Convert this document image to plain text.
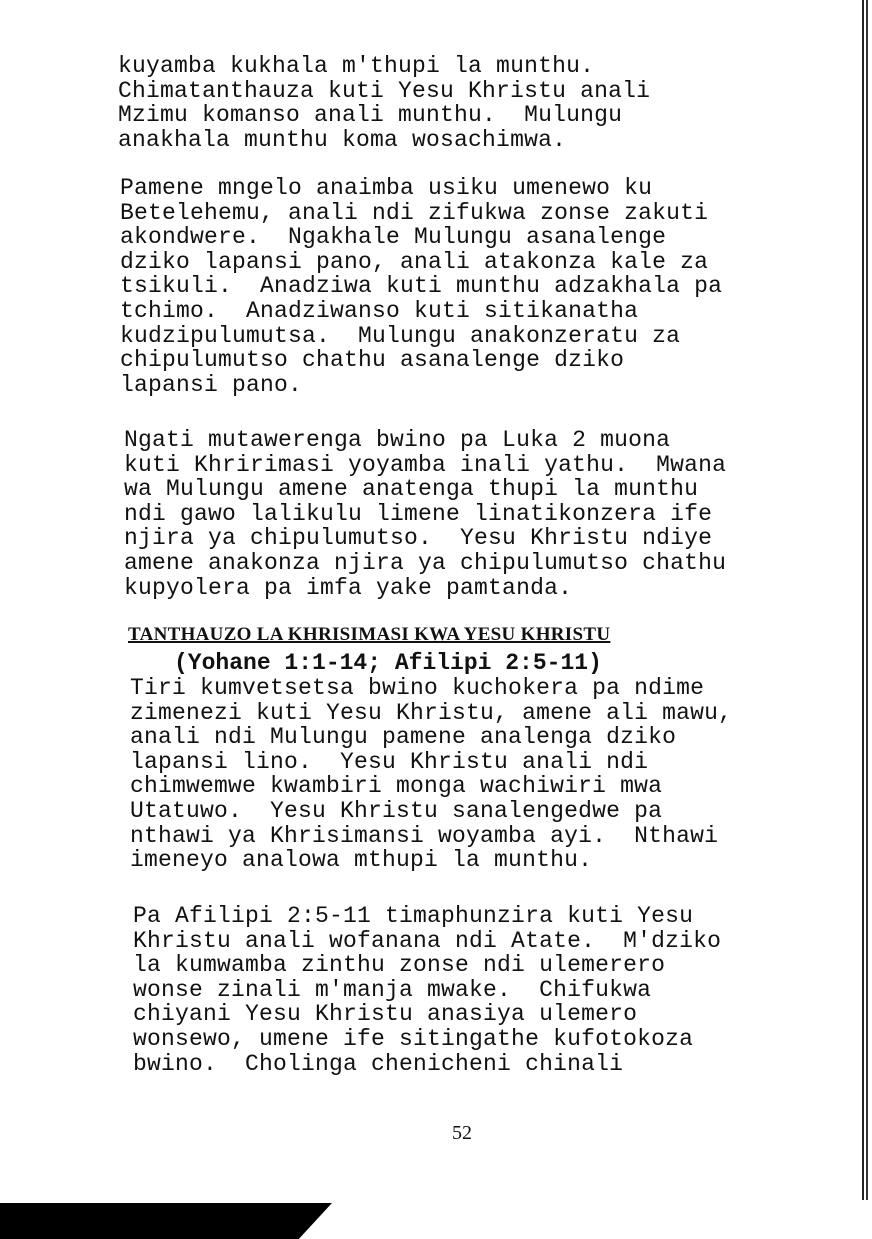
kuyamba kukhala m'thupi la munthu.
Chimatanthauza kuti Yesu Khristu anali
Mzimu komanso anali munthu.  Mulungu
anakhala munthu koma wosachimwa.

Pamene mngelo anaimba usiku umenewo ku
Betelehemu, anali ndi zifukwa zonse zakuti
akondwere.  Ngakhale Mulungu asanalenge
dziko lapansi pano, anali atakonza kale za
tsikuli.  Anadziwa kuti munthu adzakhala pa
tchimo.  Anadziwanso kuti sitikanatha
kudzipulumutsa.  Mulungu anakonzeratu za
chipulumutso chathu asanalenge dziko
lapansi pano.

Ngati mutawerenga bwino pa Luka 2 muona
kuti Khririmasi yoyamba inali yathu.  Mwana
wa Mulungu amene anatenga thupi la munthu
ndi gawo lalikulu limene linatikonzera ife
njira ya chipulumutso.  Yesu Khristu ndiye
amene anakonza njira ya chipulumutso chathu
kupyolera pa imfa yake pamtanda.

TANTHAUZO LA KHRISIMASI KWA YESU KHRISTU
(Yohane 1:1-14; Afilipi 2:5-11)

Tiri kumvetsetsa bwino kuchokera pa ndime
zimenezi kuti Yesu Khristu, amene ali mawu,
anali ndi Mulungu pamene analenga dziko
lapansi lino.  Yesu Khristu anali ndi
chimwemwe kwambiri monga wachiwiri mwa
Utatuwo.  Yesu Khristu sanalengedwe pa
nthawi ya Khrisimansi woyamba ayi.  Nthawi
imeneyo analowa mthupi la munthu.

Pa Afilipi 2:5-11 timaphunzira kuti Yesu
Khristu anali wofanana ndi Atate.  M'dziko
la kumwamba zinthu zonse ndi ulemerero
wonse zinali m'manja mwake.  Chifukwa
chiyani Yesu Khristu anasiya ulemero
wonsewo, umene ife sitingathe kufotokoza
bwino.  Cholinga chenicheni chinali

52
